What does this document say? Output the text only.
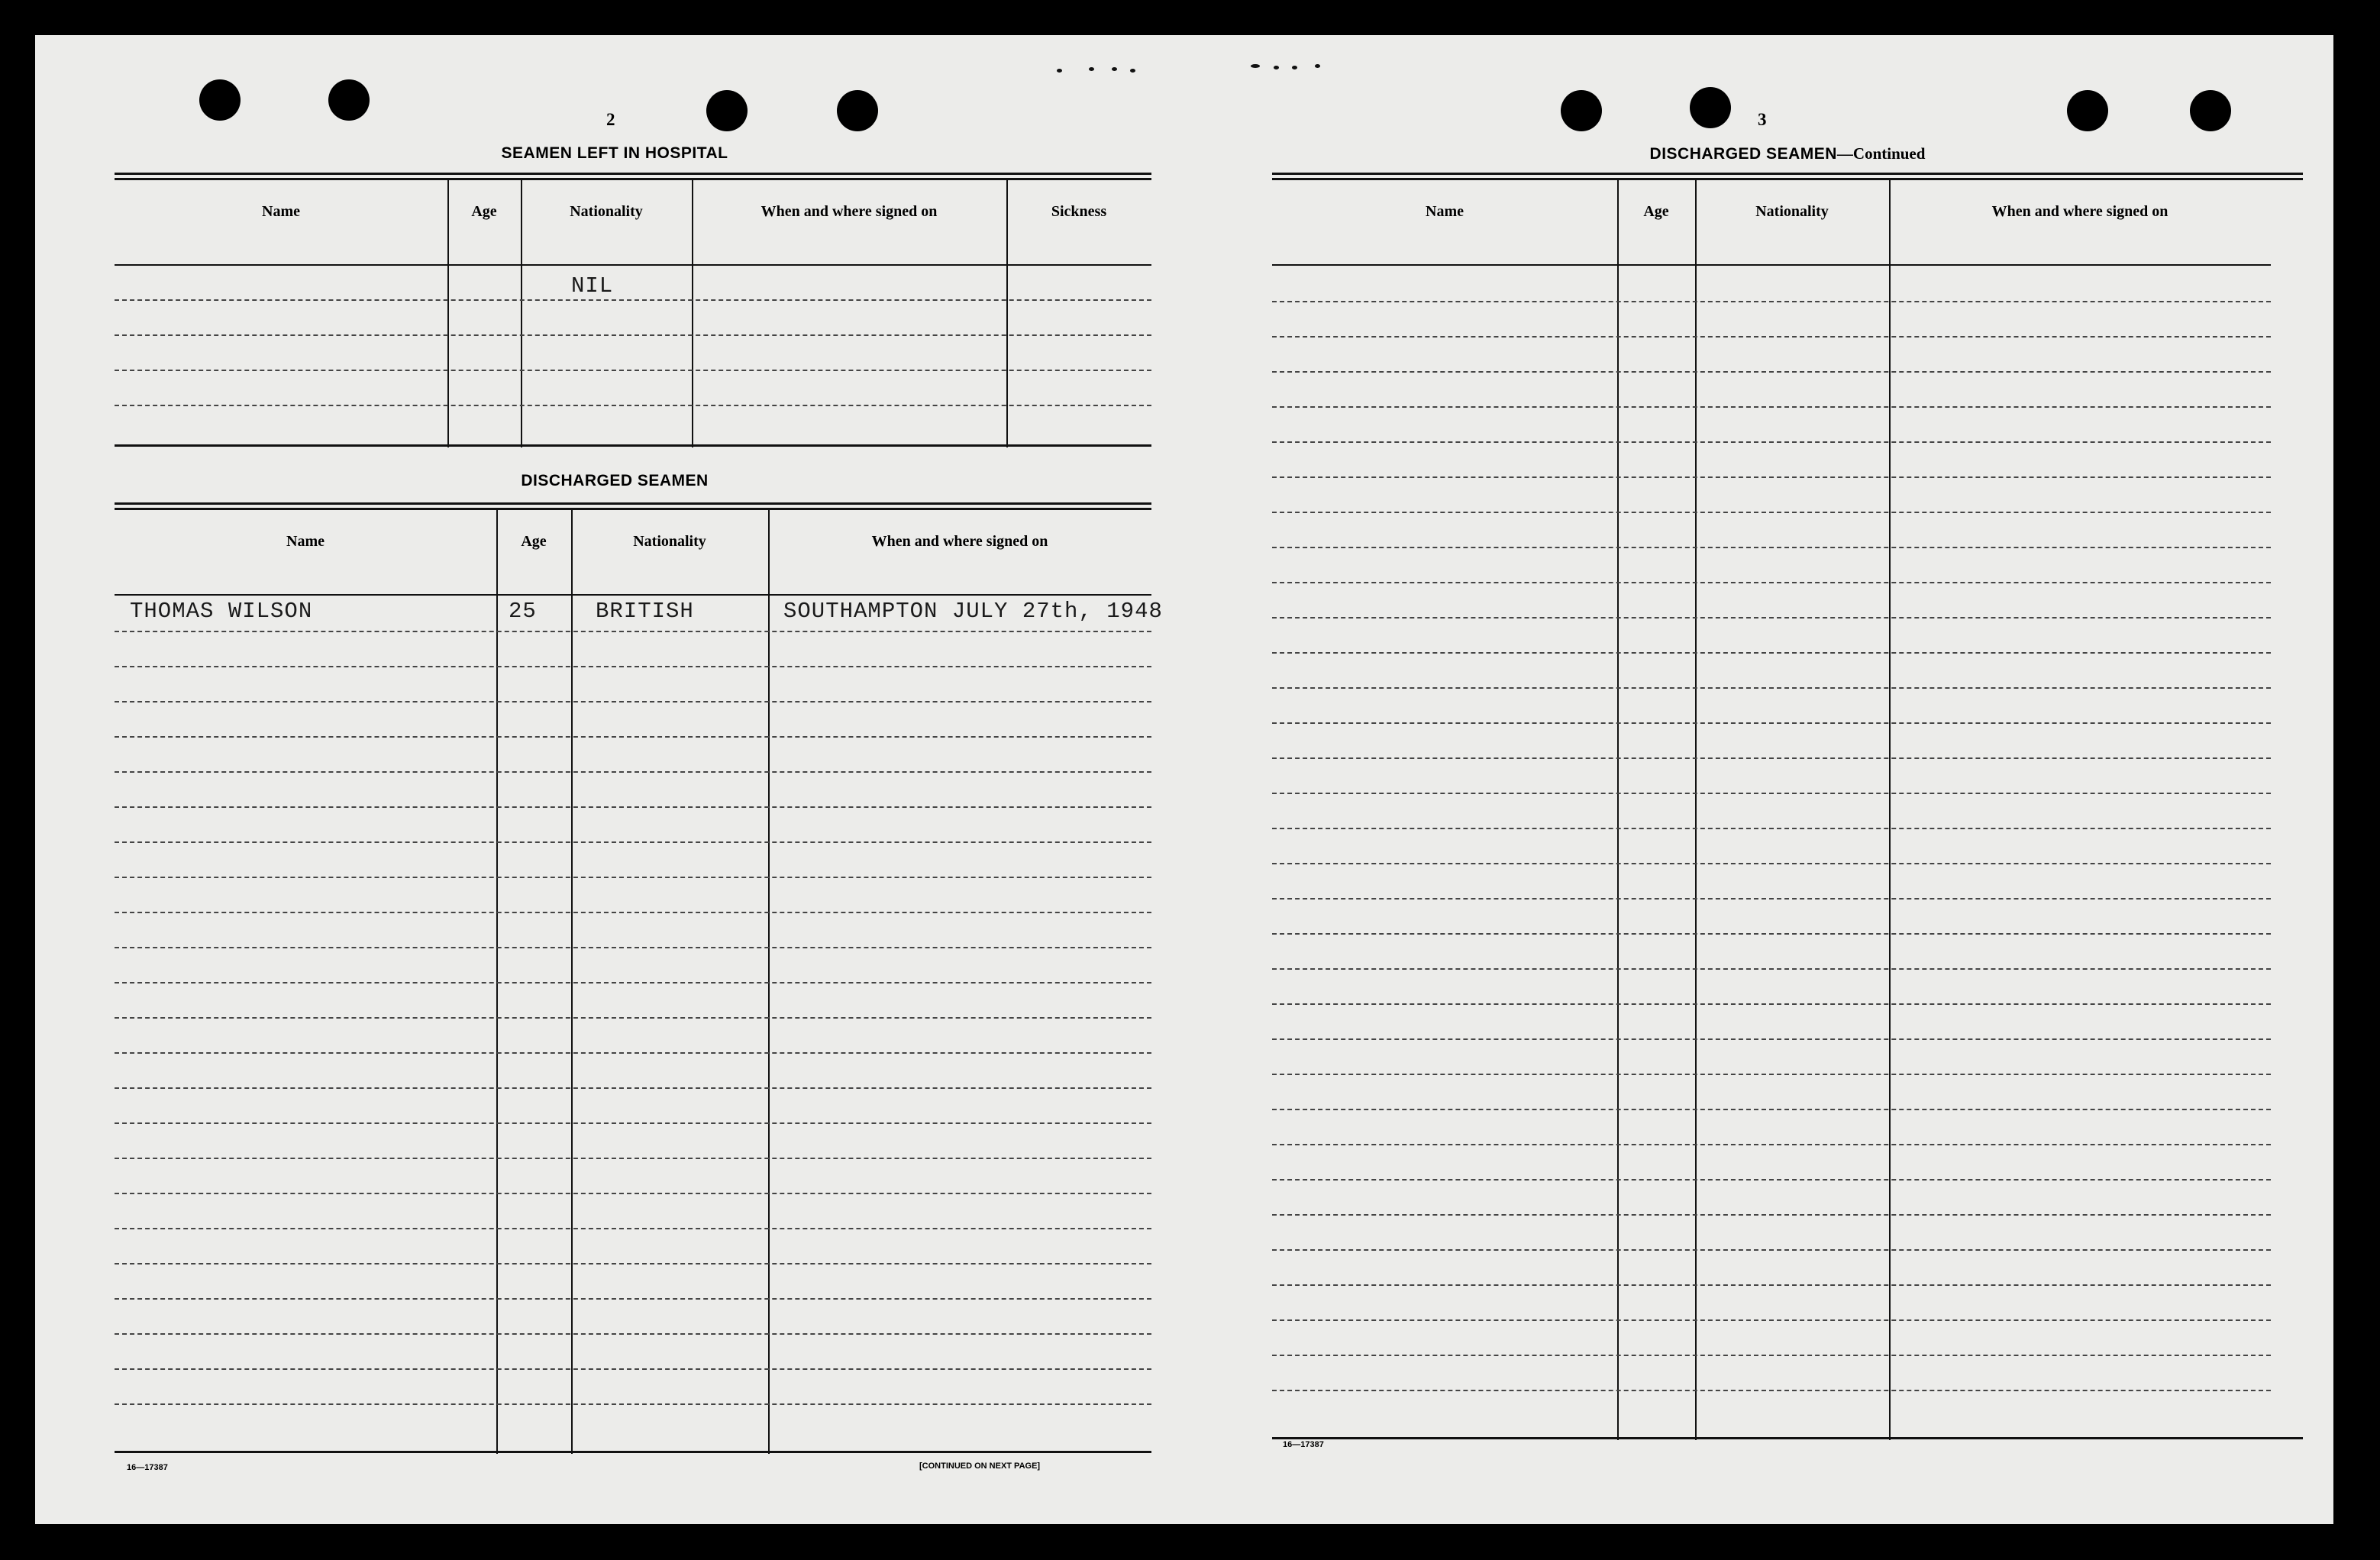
2
SEAMEN LEFT IN HOSPITAL
Name	Age	Nationality	When and where signed on	Sickness
NIL
DISCHARGED SEAMEN
Name	Age	Nationality	When and where signed on
THOMAS WILSON	25	BRITISH	SOUTHAMPTON JULY 27th, 1948
16—17387	[CONTINUED ON NEXT PAGE]
3
DISCHARGED SEAMEN—Continued
Name	Age	Nationality	When and where signed on
16—17387
